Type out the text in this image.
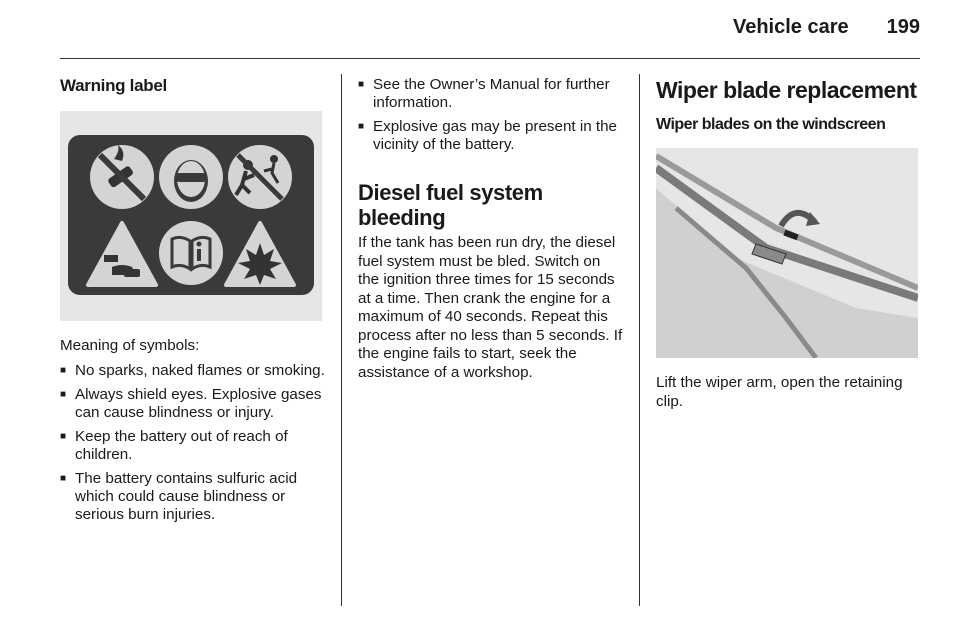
Vehicle care 199
Warning label

Meaning of symbols:

■ No sparks, naked flames or smoking.
■ Always shield eyes. Explosive gases can cause blindness or injury.
■ Keep the battery out of reach of children.
■ The battery contains sulfuric acid which could cause blindness or serious burn injuries.
■ See the Owner’s Manual for further information.
■ Explosive gas may be present in the vicinity of the battery.
Diesel fuel system bleeding

If the tank has been run dry, the diesel fuel system must be bled. Switch on the ignition three times for 15 seconds at a time. Then crank the engine for a maximum of 40 seconds. Repeat this process after no less than 5 seconds. If the engine fails to start, seek the assistance of a workshop.

Wiper blade replacement
Wiper blades on the windscreen

Lift the wiper arm, open the retaining clip.
